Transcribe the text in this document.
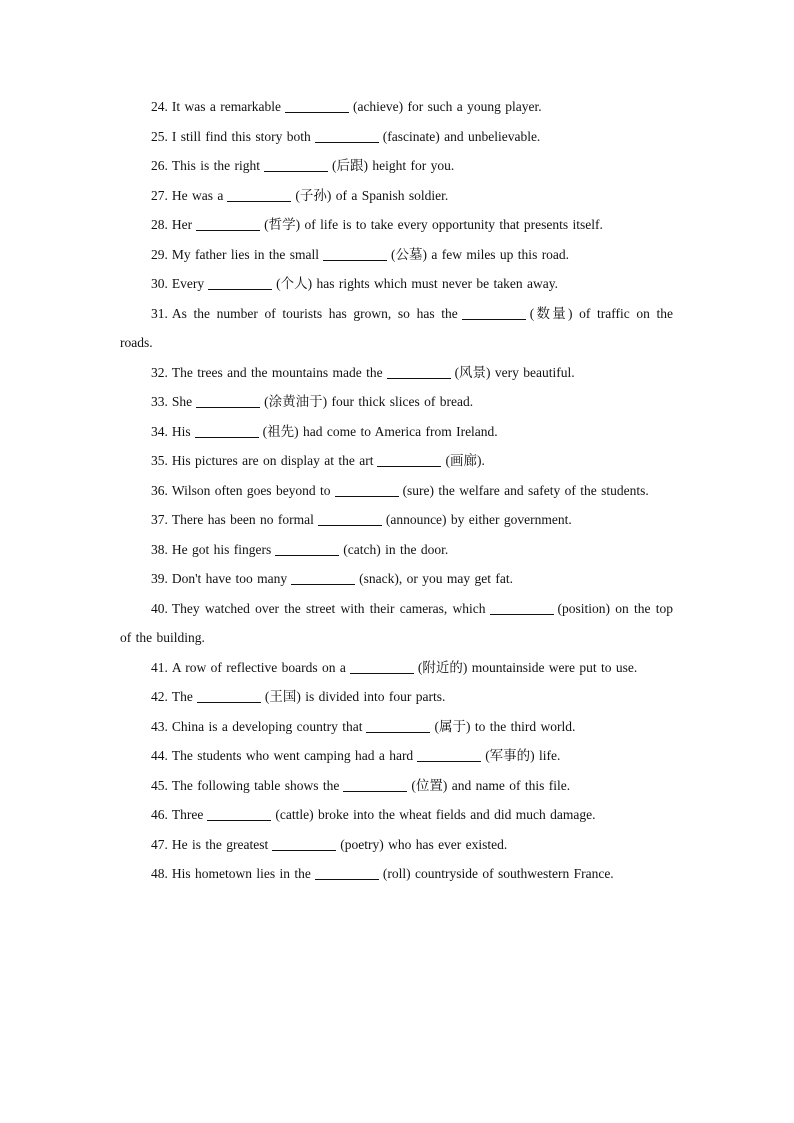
24. It was a remarkable	(achieve) for such a young player.
25. I still find this story both	(fascinate) and unbelievable.
26. This is the right	(后跟) height for you.
27. He was a	(子孙) of a Spanish soldier.
28. Her	(哲学) of life is to take every opportunity that presents itself.
29. My father lies in the small	(公墓) a few miles up this road.
30. Every	(个人) has rights which must never be taken away.
31. As the number of tourists has grown, so has the	(数量) of traffic on the roads.
32. The trees and the mountains made the	(风景) very beautiful.
33. She	(涂黄油于) four thick slices of bread.
34. His	(祖先) had come to America from Ireland.
35. His pictures are on display at the art	(画廊).
36. Wilson often goes beyond to	(sure) the welfare and safety of the students.
37. There has been no formal	(announce) by either government.
38. He got his fingers	(catch) in the door.
39. Don't have too many	(snack), or you may get fat.
40. They watched over the street with their cameras, which	(position) on the top of the building.
41. A row of reflective boards on a	(附近的) mountainside were put to use.
42. The	(王国) is divided into four parts.
43. China is a developing country that	(属于) to the third world.
44. The students who went camping had a hard	(军事的) life.
45. The following table shows the	(位置) and name of this file.
46. Three	(cattle) broke into the wheat fields and did much damage.
47. He is the greatest	(poetry) who has ever existed.
48. His hometown lies in the	(roll) countryside of southwestern France.
